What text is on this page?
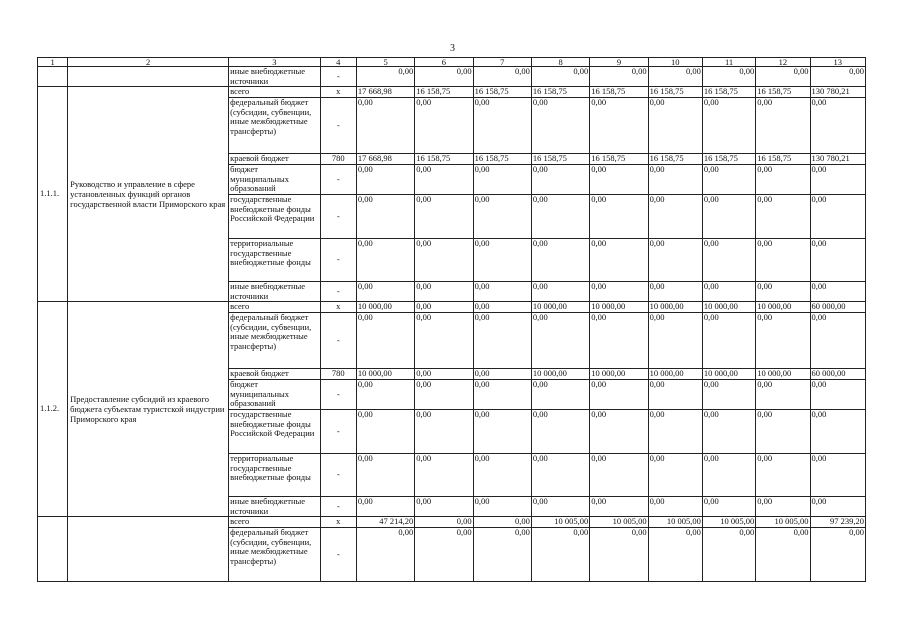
3
1	2	3	4	5	6	7	8	9	10	11	12	13
		иные внебюджетные источники	-	0,00	0,00	0,00	0,00	0,00	0,00	0,00	0,00	0,00
1.1.1.	Руководство и управление в сфере установленных функций органов государственной власти Приморского края	всего	х	17 668,98	16 158,75	16 158,75	16 158,75	16 158,75	16 158,75	16 158,75	16 158,75	130 780,21
		федеральный бюджет (субсидии, субвенции, иные межбюджетные трансферты)	-	0,00	0,00	0,00	0,00	0,00	0,00	0,00	0,00	0,00
		краевой бюджет	780	17 668,98	16 158,75	16 158,75	16 158,75	16 158,75	16 158,75	16 158,75	16 158,75	130 780,21
		бюджет муниципальных образований	-	0,00	0,00	0,00	0,00	0,00	0,00	0,00	0,00	0,00
		государственные внебюджетные фонды Российской Федерации	-	0,00	0,00	0,00	0,00	0,00	0,00	0,00	0,00	0,00
		территориальные государственные внебюджетные фонды	-	0,00	0,00	0,00	0,00	0,00	0,00	0,00	0,00	0,00
		иные внебюджетные источники	-	0,00	0,00	0,00	0,00	0,00	0,00	0,00	0,00	0,00
1.1.2.	Предоставление субсидий из краевого бюджета субъектам туристской индустрии Приморского края	всего	х	10 000,00	0,00	0,00	10 000,00	10 000,00	10 000,00	10 000,00	10 000,00	60 000,00
		федеральный бюджет (субсидии, субвенции, иные межбюджетные трансферты)	-	0,00	0,00	0,00	0,00	0,00	0,00	0,00	0,00	0,00
		краевой бюджет	780	10 000,00	0,00	0,00	10 000,00	10 000,00	10 000,00	10 000,00	10 000,00	60 000,00
		бюджет муниципальных образований	-	0,00	0,00	0,00	0,00	0,00	0,00	0,00	0,00	0,00
		государственные внебюджетные фонды Российской Федерации	-	0,00	0,00	0,00	0,00	0,00	0,00	0,00	0,00	0,00
		территориальные государственные внебюджетные фонды	-	0,00	0,00	0,00	0,00	0,00	0,00	0,00	0,00	0,00
		иные внебюджетные источники	-	0,00	0,00	0,00	0,00	0,00	0,00	0,00	0,00	0,00
		всего	х	47 214,20	0,00	0,00	10 005,00	10 005,00	10 005,00	10 005,00	10 005,00	97 239,20
		федеральный бюджет (субсидии, субвенции, иные межбюджетные трансферты)	-	0,00	0,00	0,00	0,00	0,00	0,00	0,00	0,00	0,00
